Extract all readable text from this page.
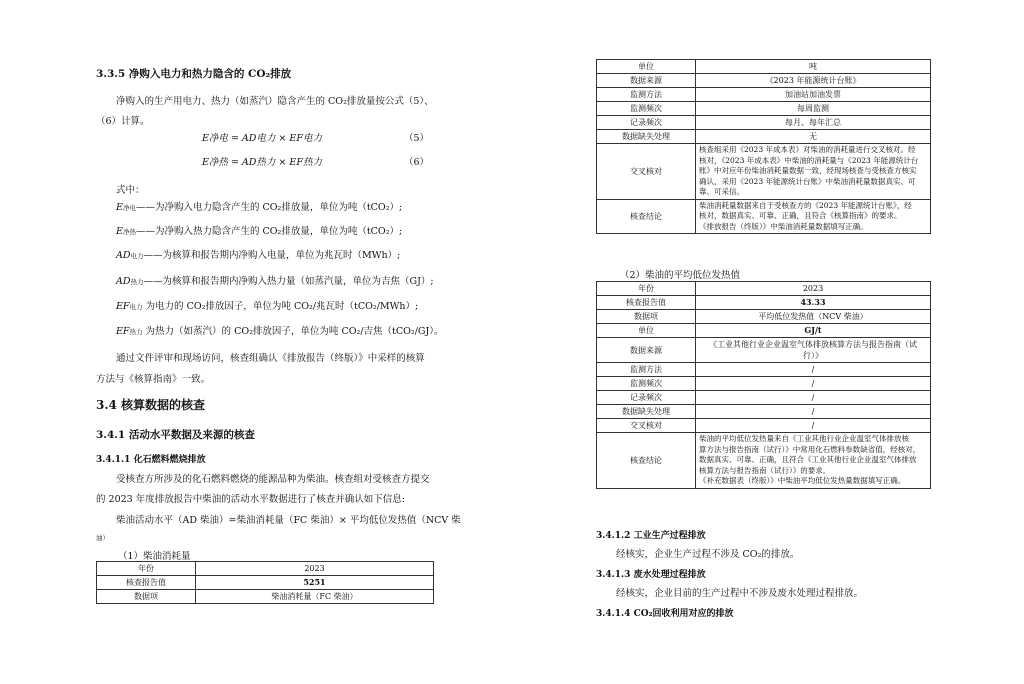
3.3.5 净购入电力和热力隐含的 CO₂排放
净购入的生产用电力、热力（如蒸汽）隐含产生的 CO₂排放量按公式（5）、
（6）计算。
E净电 = AD电力 × EF电力	（5）
E净热 = AD热力 × EF热力	（6）
式中：
E净电——为净购入电力隐含产生的 CO₂排放量，单位为吨（tCO₂）;
E净热——为净购入热力隐含产生的 CO₂排放量，单位为吨（tCO₂）;
AD电力——为核算和报告期内净购入电量，单位为兆瓦时（MWh）;
AD热力——为核算和报告期内净购入热力量（如蒸汽量，单位为吉焦（GJ）;
EF电力 为电力的 CO₂排放因子，单位为吨 CO₂/兆瓦时（tCO₂/MWh）;
EF热力 为热力（如蒸汽）的 CO₂排放因子，单位为吨 CO₂/吉焦（tCO₂/GJ）。
通过文件评审和现场访问，核查组确认《排放报告（终版）》中采样的核算
方法与《核算指南》一致。
3.4 核算数据的核查
3.4.1 活动水平数据及来源的核查
3.4.1.1 化石燃料燃烧排放
受核查方所涉及的化石燃料燃烧的能源品种为柴油。核查组对受核查方提交
的 2023 年度排放报告中柴油的活动水平数据进行了核查并确认如下信息:
柴油活动水平（AD 柴油）=柴油消耗量（FC 柴油）× 平均低位发热值（NCV 柴
油）
（1）柴油消耗量
年份	2023
核查报告值	5251
数据项	柴油消耗量（FC 柴油）
单位	吨
数据来源	《2023 年能源统计台账》
监测方法	加油站加油发票
监测频次	每周监测
记录频次	每月、每年汇总
数据缺失处理	无
交叉核对	核查组采用《2023 年成本表》对柴油的消耗量进行交叉核对。经
核对，《2023 年成本表》中柴油的消耗量与《2023 年能源统计台
账》中对应年份柴油消耗量数据一致，经现场核查与受核查方核实
确认，采用《2023 年能源统计台账》中柴油消耗量数据真实、可
靠、可采信。

核查结论	柴油消耗量数据来自于受核查方的《2023 年能源统计台账》，经
核对，数据真实、可靠、正确，且符合《核算指南》的要求。
《排放报告（终版）》中柴油消耗量数据填写正确。
（2）柴油的平均低位发热值
年份	2023
核查报告值	43.33
数据项	平均低位发热值（NCV 柴油）
单位	GJ/t
数据来源	《工业其他行业企业温室气体排放核算方法与报告指南（试
行）》

监测方法	/
监测频次	/
记录频次	/
数据缺失处理	/
交叉核对	/
核查结论	柴油的平均低位发热量来自《工业其他行业企业温室气体排放核
算方法与报告指南（试行）》中常用化石燃料参数缺省值，经核对，
数据真实、可靠、正确，且符合《工业其他行业企业温室气体排放
核算方法与报告指南（试行）》的要求。
《补充数据表（终版）》中柴油平均低位发热量数据填写正确。
3.4.1.2 工业生产过程排放
经核实，企业生产过程不涉及 CO₂的排放。
3.4.1.3 废水处理过程排放
经核实，企业目前的生产过程中不涉及废水处理过程排放。
3.4.1.4 CO₂回收利用对应的排放
